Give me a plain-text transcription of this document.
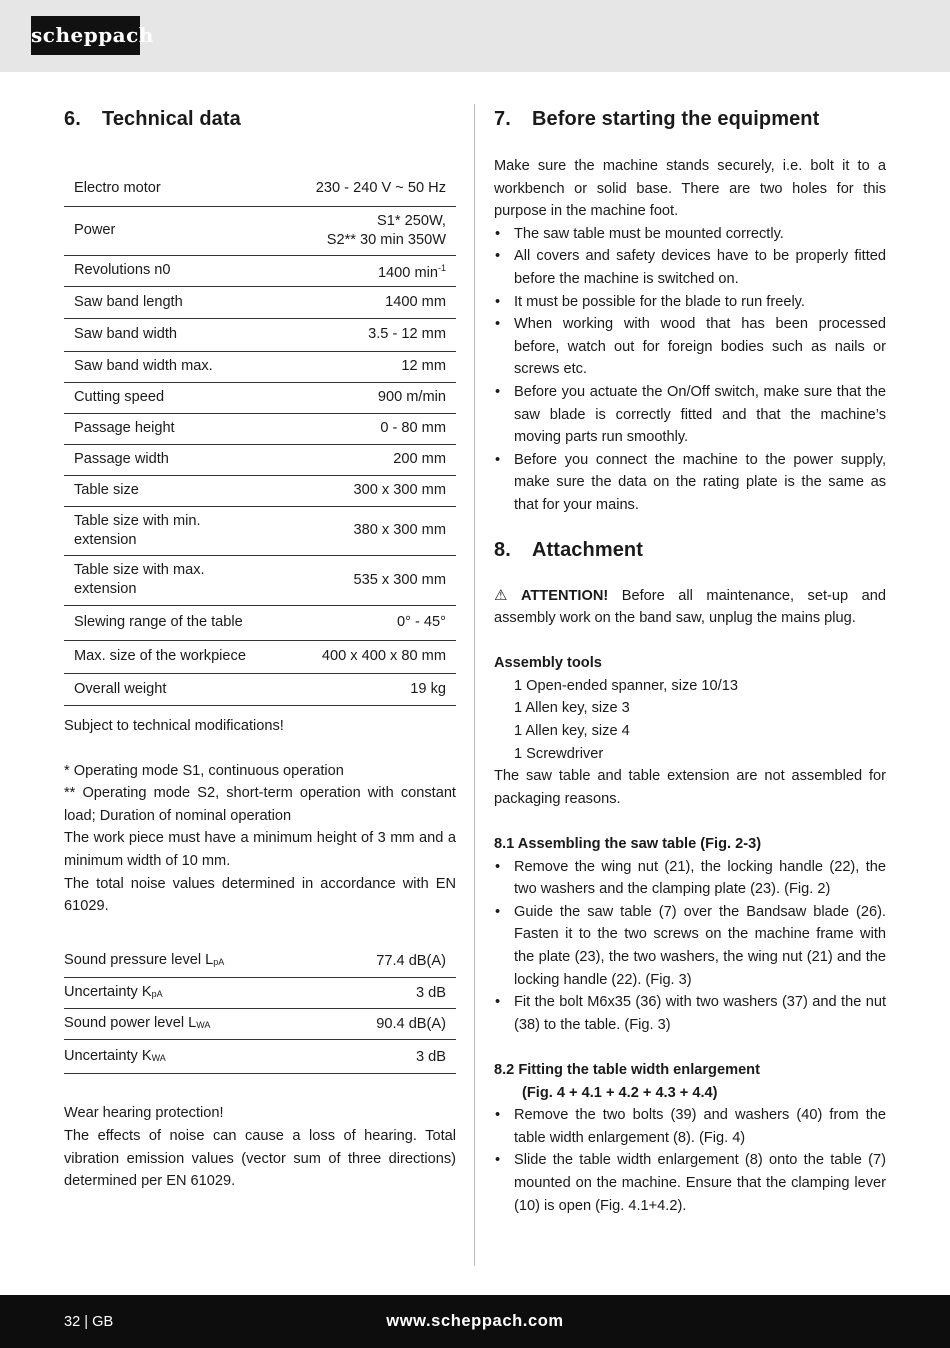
scheppach
6.	Technical data
Electro motor	230 - 240 V ~ 50 Hz
Power	S1* 250W,
S2** 30 min 350W
Revolutions n0	1400 $\min^{-1}$
Saw band length	1400 mm
Saw band width	3.5 - 12 mm
Saw band width max.	12 mm
Cutting speed	900 m/min
Passage height	0 - 80 mm
Passage width	200 mm
Table size	300 x 300 mm
Table size with min.
extension	380 x 300 mm
Table size with max.
extension	535 x 300 mm
Slewing range of the table	0° - 45°
Max. size of the workpiece	400 x 400 x 80 mm
Overall weight	19 kg

Subject to technical modifications!

* Operating mode S1, continuous operation

** Operating mode S2, short-term operation with constant load; Duration of nominal operation

The work piece must have a minimum height of 3 mm and a minimum width of 10 mm.

The total noise values determined in accordance with EN 61029.

Sound pressure level $L_{pA}$	77.4 dB(A)
Uncertainty $K_{pA}$	3 dB
Sound power level $L_{WA}$	90.4 dB(A)
Uncertainty $K_{WA}$	3 dB

Wear hearing protection!

The effects of noise can cause a loss of hearing. Total vibration emission values (vector sum of three directions) determined per EN 61029.

7.	Before starting the equipment

Make sure the machine stands securely, i.e. bolt it to a workbench or solid base. There are two holes for this purpose in the machine foot.

• The saw table must be mounted correctly.
• All covers and safety devices have to be properly fitted before the machine is switched on.
• It must be possible for the blade to run freely.
• When working with wood that has been processed before, watch out for foreign bodies such as nails or screws etc.
• Before you actuate the On/Off switch, make sure that the saw blade is correctly fitted and that the machine’s moving parts run smoothly.
• Before you connect the machine to the power supply, make sure the data on the rating plate is the same as that for your mains.
8.	Attachment

⚠ ATTENTION! Before all maintenance, set-up and assembly work on the band saw, unplug the mains plug.

Assembly tools

1 Open-ended spanner, size 10/13
1 Allen key, size 3
1 Allen key, size 4
1 Screwdriver

The saw table and table extension are not assembled for packaging reasons.

8.1 Assembling the saw table (Fig. 2-3)

• Remove the wing nut (21), the locking handle (22), the two washers and the clamping plate (23). (Fig. 2)
• Guide the saw table (7) over the Bandsaw blade (26). Fasten it to the two screws on the machine frame with the plate (23), the two washers, the wing nut (21) and the locking handle (22). (Fig. 3)
• Fit the bolt M6x35 (36) with two washers (37) and the nut (38) to the table. (Fig. 3)

8.2 Fitting the table width enlargement

(Fig. 4 + 4.1 + 4.2 + 4.3 + 4.4)

• Remove the two bolts (39) and washers (40) from the table width enlargement (8). (Fig. 4)
• Slide the table width enlargement (8) onto the table (7) mounted on the machine. Ensure that the clamping lever (10) is open (Fig. 4.1+4.2).
32 | GB	www.scheppach.com
